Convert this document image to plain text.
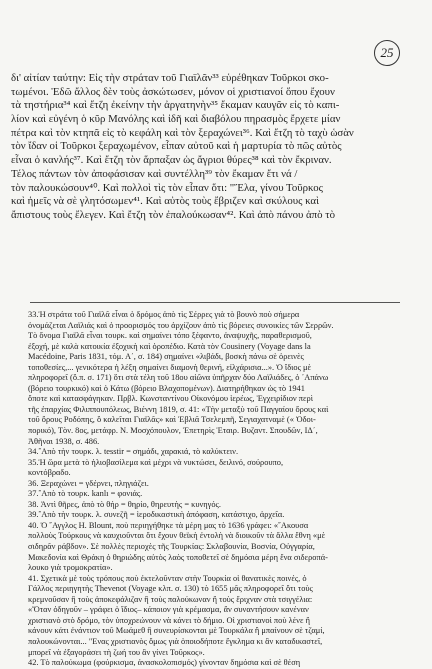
25
δι' αἰτίαν ταύτην: Εἰς τὴν στράταν τοῦ Γιαϊλᾶν³³ εὑρέθηκαν Τοῦρκοι σκο-
τωμένοι. Ἐδῶ ἄλλος δὲν τοὺς ἀσκώτωσεν, μόνον οἱ χριστιανοί ὅπου ἔχουν
τὰ τηστήρια³⁴ καὶ ἔτζη ἐκείνην τὴν ἀργατηνὴν³⁵ ἔκαμαν καυγᾶν εἰς τὸ καπι-
λίον καὶ εὐγένη ὁ κῦρ Μανόλης καὶ ἰδῆ καὶ διαβόλου πηρασμὸς ἔρχετε μίαν
πέτρα καὶ τὸν κτηπᾶ εἰς τὸ κεφάλη καὶ τὸν ξεραχώνει³⁶. Καὶ ἔτζη τὸ ταχὺ ὡσὰν
τὸν ἴδαν οἱ Τοῦρκοι ξεραχωμένον, εἶπαν αὐτοῦ καὶ ἡ μαρτυρία τὸ πῶς αὐτὸς
εἶναι ὁ κανλής³⁷. Καὶ ἔτζη τὸν ἅρπαξαν ὡς ἄγριοι θύρες³⁸ καὶ τὸν ἔκριναν.
Τέλος πάντων τὸν ἀποφάσισαν καὶ συντέλλη³⁹ τὸν ἔκαμαν ἔτι νά /
τὸν παλουκώσουν⁴⁰. Καὶ πολλοὶ τὶς τὸν εἶπαν ὅτι: "Ἔλα, γίνου Τοῦρκος
καὶ ἡμεῖς νὰ σὲ γλητόσωμεν⁴¹. Καὶ αὐτὸς τοὺς ἔβριζεν καὶ σκύλους καὶ
ἄπιστους τοὺς ἔλεγεν. Καὶ ἔτζη τὸν ἐπαλούκωσαν⁴². Καὶ ἀπὸ πάνου ἀπὸ τὸ
33.Ἡ στράτα τοῦ Γιαϊλᾶ εἶναι ὁ δρόμος ἀπὸ τὶς Σέρρες γιὰ τὸ βουνὸ ποὺ σήμερα
ὀνομάζεται Λαϊλιάς καὶ ὁ προορισμός του ἀρχίζουν ἀπὸ τὶς βόρειες συνοικίες τῶν Σερρῶν.
Τὸ ὄνομα Γιαϊλᾶ εἶναι τουρκ. καὶ σημαίνει τόπο ξέφαντο, ἀναψυχῆς, παραθερισμοῦ,
ἐξοχή, μὲ καλὰ κατοικία ἐξοχικὴ καὶ ὀροπέδιο. Κατὰ τὸν Cousinery (Voyage dans la
Macédoine, Paris 1831, τόμ. Α΄, σ. 184) σημαίνει «λιβάδι, βοσκὴ πάνω σὲ ὀρεινὲς
τοποθεσίες,... γενικότερα ἡ λέξη σημαίνει διαμονὴ θερινή, εἰλχάρισια...». Ὁ ἴδιος μὲ
πληροφορεῖ (ὅ.π. σ. 171) ὅτι στὰ τέλη τοῦ 18ου αἰῶνα ὑπῆρχαν δύο Λαϊλιάδες, ὁ ᾿Απάνω
(βόρειο τουρκικό) καὶ ὁ Κάτω (βόρειο Βλαχοπομένων). Διατηρήθηκαν ὡς τὸ 1941
ὅποτε καὶ κατασφάγηκαν. Πρβλ. Κωνσταντίνου Οἰκονόμου ἱερέως, Ἐγχειρίδιον περὶ
τῆς ἐπαρχίας Φιλιππουπόλεως, Βιέννη 1819, σ. 41: «Τὴν μεταξὺ τοῦ Παγγαίου ὄρους καὶ
τοῦ ὄρους Ροδόπης, ὃ καλεῖται Γιαϊλᾶς» καὶ Ἐβλιᾶ Τσελεμπῆ, Σεγιαχατναμὲ (« Ὀδοι-
πορικό), Τὸν. 8ος, μετάφρ. Ν. Μοσχόπουλον, Ἐπετηρὶς Ἑταιρ. Βυζαντ. Σπουδῶν, ΙΔ΄,
Ἀθῆναι 1938, σ. 486.
34.῎Απὸ τὴν τουρκ. λ. tesstir = σημάδι, χαρακιά, τὸ καλύκτειν.
35.Ἡ ὥρα μετὰ τὸ ἡλιοβασίλεμα καὶ μέχρι νὰ νυκτώσει, δειλινό, σούρουπο,
κοντόβραδο.
36. Ξεραχώνει = γδέρνει, πληγιάζει.
37.῎Απὸ τὸ τουρκ. kanlı = φονιάς.
38. Ἀντὶ θῆρες, ἀπὸ τὸ θήρ = θηρίο, θηρευτὴς = κυνηγός.
39.῎Απὸ τὴν τουρκ. λ. συνεζῆ = ἱεροδικαστικὴ ἀπόφαση, κατάστιχο, ἀρχεῖα.
40. Ὁ ῎Αγγλος H. Blount, ποὺ περιηγήθηκε τὰ μέρη μας τὸ 1636 γράφει: «῎Ακουσα
πολλοὺς Τούρκους νὰ καυχιοῦνται ὅτι ἔχουν θεϊκὴ ἐντολὴ νὰ διοικοῦν τὰ ἄλλα ἔθνη «μὲ
σιδηρᾶν ράβδον». Σὲ πολλὲς περιοχὲς τῆς Τουρκίας: Σκλαβουνία, Βοσνία, Οὐγγαρία,
Μακεδονία καὶ Θράκη ὁ θηριώδης αὐτὸς λαὸς τοποθετεῖ σὲ δημόσια μέρη ἕνα σιδεροπά-
λουκο γιὰ τρομοκρατία».
41. Σχετικὰ μὲ τοὺς τρόπους ποὺ ἐκτελοῦνταν στὴν Τουρκία οἱ θανατικὲς ποινές, ὁ
Γάλλος περιηγητὴς Thevenot (Voyage κλπ. σ. 130) τὸ 1655 μᾶς πληροφορεῖ ὅτι τοὺς
κρεμνοῦσαν ἢ τοὺς ἀποκεφάλιζαν ἢ τοὺς παλούκωναν ἢ τοὺς ἔριχναν στὰ τσιγγέλια:
«Ὅταν ὁδηγοῦν – γράφει ὁ ἴδιος– κάποιον γιὰ κρέμασμα, ἂν συναντήσουν κανέναν
χριστιανὸ στὸ δρόμο, τὸν ὑποχρεώνουν νὰ κάνει τὸ δήμιο. Οἱ χριστιανοὶ ποὺ λένε ἢ
κάνουν κάτι ἐνάντιον τοῦ Μωάμεθ ἢ συνευρίσκονται μὲ Τουρκάλα ἢ μπαίνουν σὲ τζαμί,
παλουκώνονται... "Ενας χριστιανὸς ὅμως γιὰ ὁποιοδήποτε ἔγκλημα κι ἂν καταδικαστεῖ,
μπορεῖ νὰ ἐξαγοράσει τὴ ζωή του ἂν γίνει Τοῦρκος».
42. Τὸ παλούκωμα (φούρκισμα, ἀνασκολοπισμός) γίνονταν δημόσια καὶ σὲ θέση
